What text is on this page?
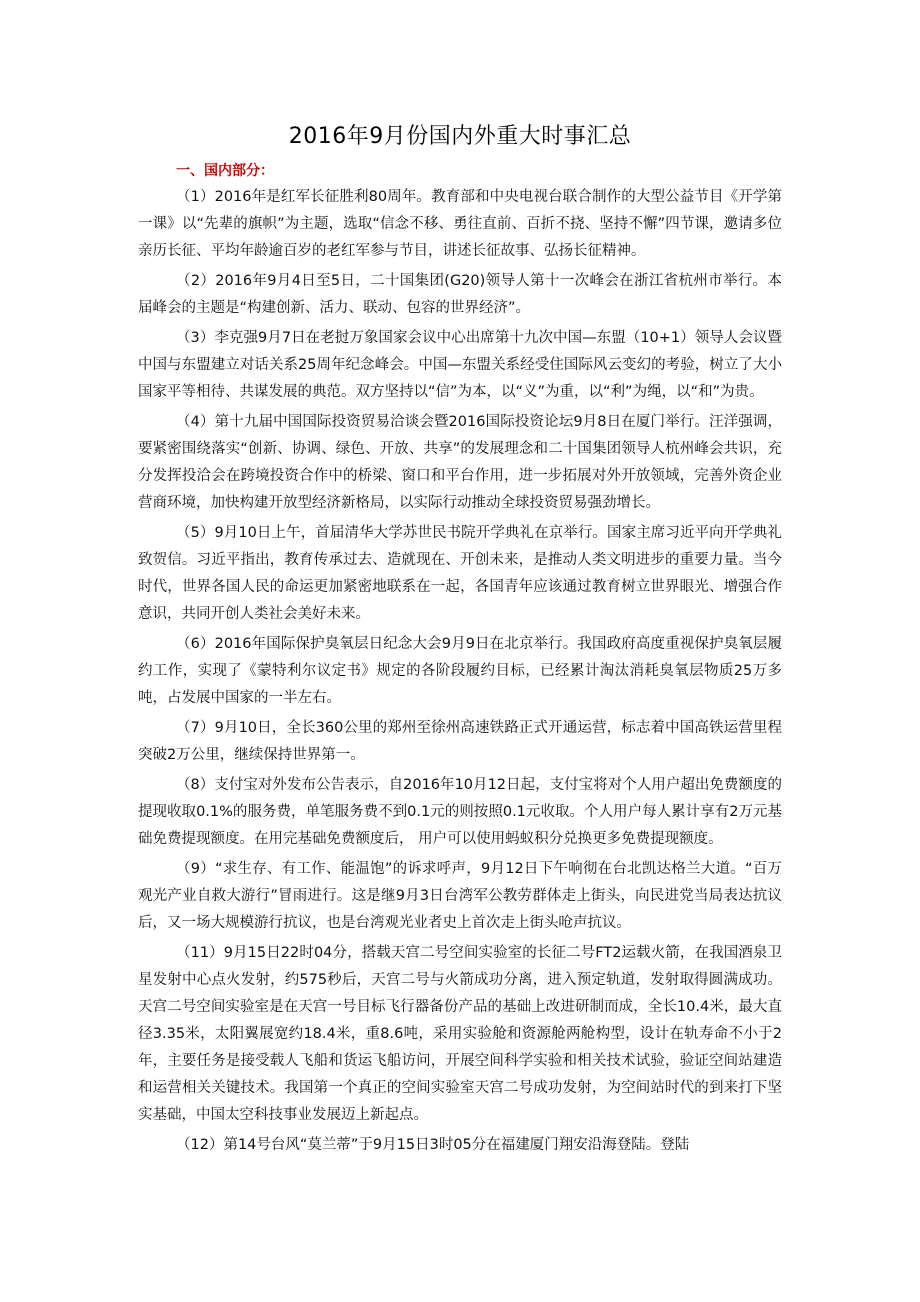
2016年9月份国内外重大时事汇总
一、国内部分：

（1）2016年是红军长征胜利80周年。教育部和中央电视台联合制作的大型公益节目《开学第一课》以“先辈的旗帜”为主题，选取“信念不移、勇往直前、百折不挠、坚持不懈”四节课，邀请多位亲历长征、平均年龄逾百岁的老红军参与节目，讲述长征故事、弘扬长征精神。

（2）2016年9月4日至5日，二十国集团(G20)领导人第十一次峰会在浙江省杭州市举行。本届峰会的主题是“构建创新、活力、联动、包容的世界经济”。

（3）李克强9月7日在老挝万象国家会议中心出席第十九次中国—东盟（10+1）领导人会议暨中国与东盟建立对话关系25周年纪念峰会。中国—东盟关系经受住国际风云变幻的考验，树立了大小国家平等相待、共谋发展的典范。双方坚持以“信”为本，以“义”为重，以“利”为绳，以“和”为贵。

（4）第十九届中国国际投资贸易洽谈会暨2016国际投资论坛9月8日在厦门举行。汪洋强调，要紧密围绕落实“创新、协调、绿色、开放、共享”的发展理念和二十国集团领导人杭州峰会共识，充分发挥投洽会在跨境投资合作中的桥梁、窗口和平台作用，进一步拓展对外开放领域，完善外资企业营商环境，加快构建开放型经济新格局，以实际行动推动全球投资贸易强劲增长。

（5）9月10日上午，首届清华大学苏世民书院开学典礼在京举行。国家主席习近平向开学典礼致贺信。习近平指出，教育传承过去、造就现在、开创未来，是推动人类文明进步的重要力量。当今时代，世界各国人民的命运更加紧密地联系在一起，各国青年应该通过教育树立世界眼光、增强合作意识，共同开创人类社会美好未来。

（6）2016年国际保护臭氧层日纪念大会9月9日在北京举行。我国政府高度重视保护臭氧层履约工作，实现了《蒙特利尔议定书》规定的各阶段履约目标，已经累计淘汰消耗臭氧层物质25万多吨，占发展中国家的一半左右。

（7）9月10日，全长360公里的郑州至徐州高速铁路正式开通运营，标志着中国高铁运营里程突破2万公里，继续保持世界第一。

（8）支付宝对外发布公告表示，自2016年10月12日起，支付宝将对个人用户超出免费额度的提现收取0.1%的服务费，单笔服务费不到0.1元的则按照0.1元收取。个人用户每人累计享有2万元基础免费提现额度。在用完基础免费额度后， 用户可以使用蚂蚁积分兑换更多免费提现额度。

（9）“求生存、有工作、能温饱”的诉求呼声，9月12日下午响彻在台北凯达格兰大道。“百万观光产业自救大游行”冒雨进行。这是继9月3日台湾军公教劳群体走上街头，向民进党当局表达抗议后，又一场大规模游行抗议，也是台湾观光业者史上首次走上街头呛声抗议。

（11）9月15日22时04分，搭载天宫二号空间实验室的长征二号FT2运载火箭，在我国酒泉卫星发射中心点火发射，约575秒后，天宫二号与火箭成功分离，进入预定轨道，发射取得圆满成功。天宫二号空间实验室是在天宫一号目标飞行器备份产品的基础上改进研制而成，全长10.4米，最大直径3.35米，太阳翼展宽约18.4米，重8.6吨，采用实验舱和资源舱两舱构型，设计在轨寿命不小于2年，主要任务是接受载人飞船和货运飞船访问，开展空间科学实验和相关技术试验，验证空间站建造和运营相关关键技术。我国第一个真正的空间实验室天宫二号成功发射，为空间站时代的到来打下坚实基础，中国太空科技事业发展迈上新起点。

（12）第14号台风“莫兰蒂”于9月15日3时05分在福建厦门翔安沿海登陆。登陆
